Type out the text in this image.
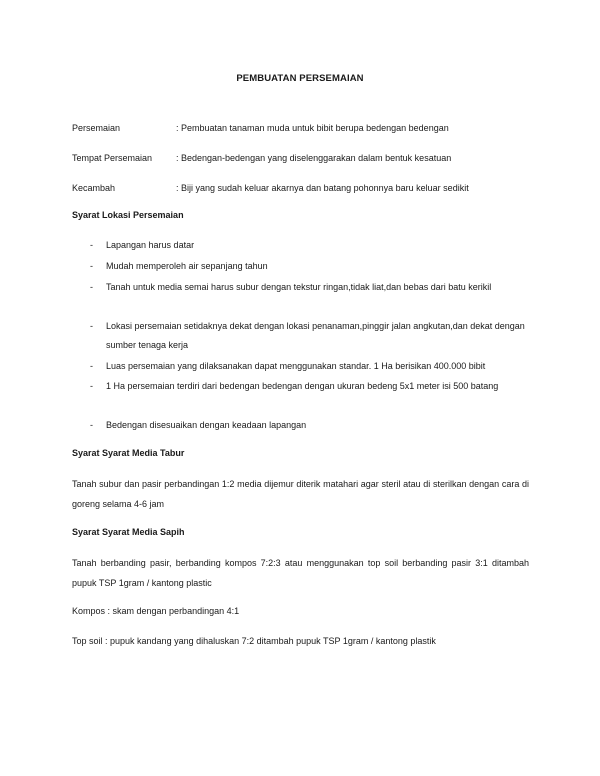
PEMBUATAN PERSEMAIAN
Persemaian	: Pembuatan tanaman muda untuk bibit berupa bedengan bedengan
Tempat Persemaian	: Bedengan-bedengan yang diselenggarakan dalam bentuk kesatuan
Kecambah	: Biji yang sudah keluar akarnya dan batang pohonnya baru keluar sedikit
Syarat Lokasi Persemaian
- Lapangan harus datar
- Mudah memperoleh air sepanjang tahun
- Tanah untuk media semai harus subur dengan tekstur ringan,tidak liat,dan bebas dari batu kerikil
- Lokasi persemaian setidaknya dekat dengan lokasi penanaman,pinggir jalan angkutan,dan dekat dengan sumber tenaga kerja
- Luas persemaian yang dilaksanakan dapat menggunakan standar. 1 Ha berisikan 400.000 bibit
- 1 Ha persemaian terdiri dari bedengan bedengan dengan ukuran bedeng 5x1 meter isi 500 batang
- Bedengan disesuaikan dengan keadaan lapangan
Syarat Syarat Media Tabur
Tanah subur dan pasir perbandingan 1:2 media dijemur diterik matahari agar steril atau di sterilkan dengan cara di goreng selama 4-6 jam
Syarat Syarat Media Sapih
Tanah berbanding pasir, berbanding kompos 7:2:3 atau menggunakan top soil berbanding pasir 3:1 ditambah pupuk TSP 1gram / kantong plastic
Kompos : skam dengan perbandingan 4:1
Top soil : pupuk kandang yang dihaluskan 7:2 ditambah pupuk TSP 1gram / kantong plastik
